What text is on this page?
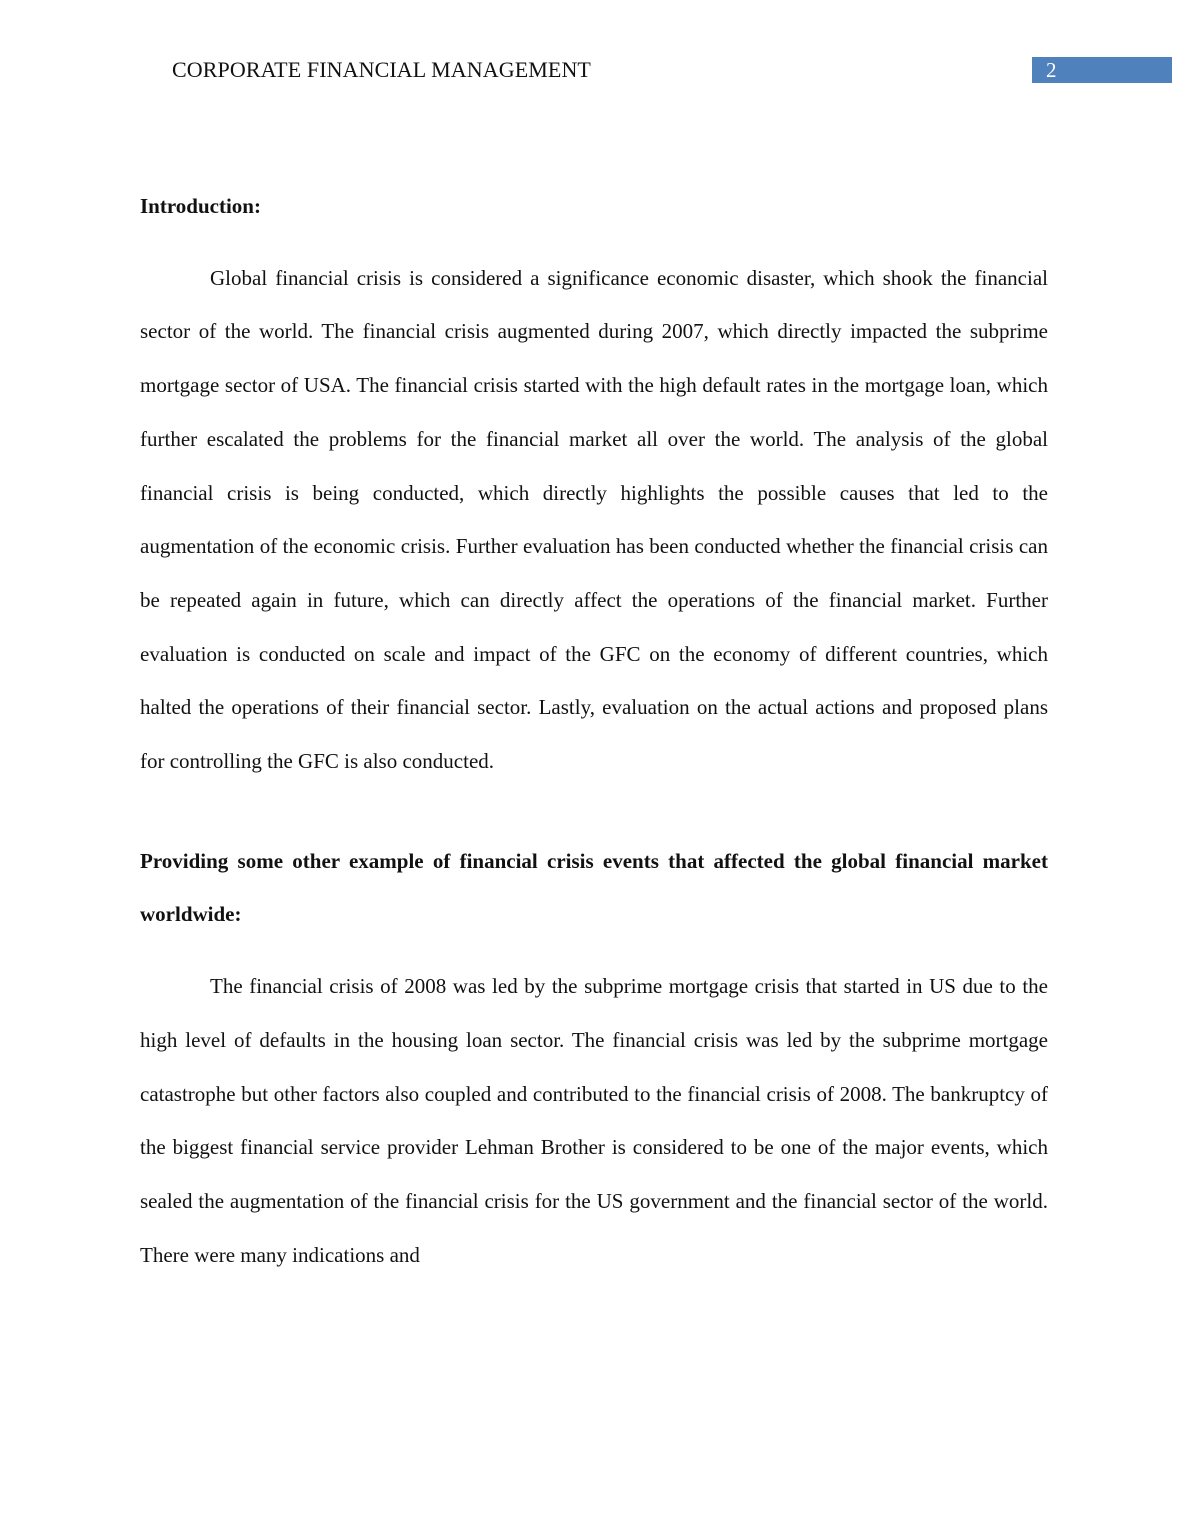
CORPORATE FINANCIAL MANAGEMENT	2
Introduction:

Global financial crisis is considered a significance economic disaster, which shook the financial sector of the world. The financial crisis augmented during 2007, which directly impacted the subprime mortgage sector of USA. The financial crisis started with the high default rates in the mortgage loan, which further escalated the problems for the financial market all over the world. The analysis of the global financial crisis is being conducted, which directly highlights the possible causes that led to the augmentation of the economic crisis. Further evaluation has been conducted whether the financial crisis can be repeated again in future, which can directly affect the operations of the financial market. Further evaluation is conducted on scale and impact of the GFC on the economy of different countries, which halted the operations of their financial sector. Lastly, evaluation on the actual actions and proposed plans for controlling the GFC is also conducted.

Providing some other example of financial crisis events that affected the global financial market worldwide:

The financial crisis of 2008 was led by the subprime mortgage crisis that started in US due to the high level of defaults in the housing loan sector. The financial crisis was led by the subprime mortgage catastrophe but other factors also coupled and contributed to the financial crisis of 2008. The bankruptcy of the biggest financial service provider Lehman Brother is considered to be one of the major events, which sealed the augmentation of the financial crisis for the US government and the financial sector of the world. There were many indications and
